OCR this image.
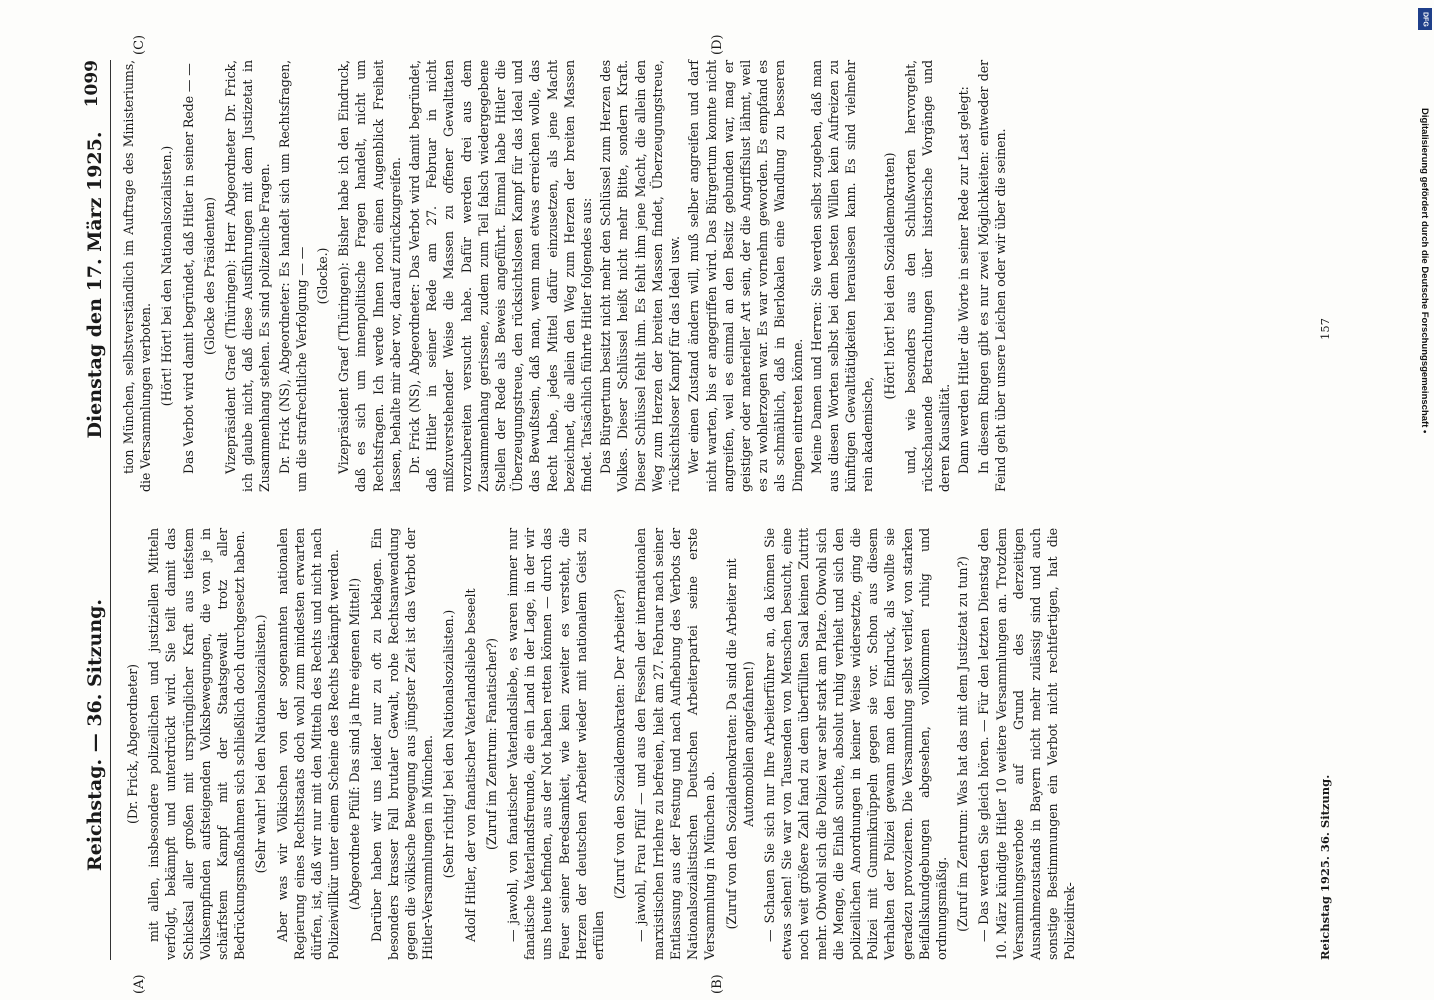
Reichstag. — 36. Sitzung.
Dienstag den 17. März 1925.
1099

(Dr. Frick, Abgeordneter) mit allen, insbesondere polizeilichen und justiziellen Mitteln verfolgt, bekämpft und unterdrückt wird. Sie teilt damit das Schicksal aller großen mit ursprünglicher Kraft aus tiefstem Volksempfinden aufsteigenden Volksbewegungen, die von je in schärfstem Kampf mit der Staatsgewalt trotz aller Bedrückungsmaßnahmen sich schließlich doch durchgesetzt haben. (Sehr wahr! bei den Nationalsozialisten.) Aber was wir Völkischen von der sogenannten nationalen Regierung eines Rechtsstaats doch wohl zum mindesten erwarten dürfen, ist, daß wir nur mit den Mitteln des Rechts und nicht nach Polizeiwillkür unter einem Scheine des Rechts bekämpft werden. (Abgeordnete Pfülf: Das sind ja Ihre eigenen Mittel!) Darüber haben wir uns leider nur zu oft zu beklagen. Ein besonders krasser Fall brutaler Gewalt, rohe Rechtsanwendung gegen die völkische Bewegung aus jüngster Zeit ist das Verbot der Hitler-Versammlungen in München. (Sehr richtig! bei den Nationalsozialisten.) Adolf Hitler, der von fanatischer Vaterlandsliebe beseelt (Zuruf im Zentrum: Fanatischer?) — jawohl, von fanatischer Vaterlandsliebe, es waren immer nur fanatische Vaterlandsfreunde, die ein Land in der Lage, in der wir uns heute befinden, aus der Not haben retten können — durch das Feuer seiner Beredsamkeit, wie kein zweiter es versteht, die Herzen der deutschen Arbeiter wieder mit nationalem Geist zu erfüllen

(Zuruf von den Sozialdemokraten: Der Arbeiter?) — jawohl, Frau Pfülf — und aus den Fesseln der internationalen marxistischen Irrlehre zu befreien, hielt am 27. Februar nach seiner Entlassung aus der Festung und nach Aufhebung des Verbots der Nationalsozialistischen Deutschen Arbeiterpartei seine erste Versammlung in München ab. (Zuruf von den Sozialdemokraten: Da sind die Arbeiter mit Automobilen angefahren!) — Schauen Sie sich nur Ihre Arbeiterführer an, da können Sie etwas sehen! Sie war von Tausenden von Menschen besucht, eine noch weit größere Zahl fand zu dem überfüllten Saal keinen Zutritt mehr. Obwohl sich die Polizei war sehr stark am Platze. Obwohl sich die Menge, die Einlaß suchte, absolut ruhig verhielt und sich den polizeilichen Anordnungen in keiner Weise widersetzte, ging die Polizei mit Gummiknüppeln gegen sie vor. Schon aus diesem Verhalten der Polizei gewann man den Eindruck, als wollte sie geradezu provozieren. Die Versammlung selbst verlief, von starken Beifallskundgebungen abgesehen, vollkommen ruhig und ordnungsmäßig. (Zuruf im Zentrum: Was hat das mit dem Justizetat zu tun?) — Das werden Sie gleich hören. — Für den letzten Dienstag den 10. März kündigte Hitler 10 weitere Versammlungen an. Trotzdem Versammlungsverbote auf Grund des derzeitigen Ausnahmezustands in Bayern nicht mehr zulässig sind und auch sonstige Bestimmungen ein Verbot nicht rechtfertigen, hat die Polizeidirek-

tion München, selbstverständlich im Auftrage des Ministeriums, die Versammlungen verboten. (Hört! Hört! bei den Nationalsozialisten.) Das Verbot wird damit begründet, daß Hitler in seiner Rede — — (Glocke des Präsidenten) Vizepräsident Graef (Thüringen): Herr Abgeordneter Dr. Frick, ich glaube nicht, daß diese Ausführungen mit dem Justizetat in Zusammenhang stehen. Es sind polizeiliche Fragen. Dr. Frick (NS), Abgeordneter: Es handelt sich um Rechtsfragen, um die strafrechtliche Verfolgung — — (Glocke.) Vizepräsident Graef (Thüringen): Bisher habe ich den Eindruck, daß es sich um innenpolitische Fragen handelt, nicht um Rechtsfragen. Ich werde Ihnen noch einen Augenblick Freiheit lassen, behalte mir aber vor, darauf zurückzugreifen. Dr. Frick (NS), Abgeordneter: Das Verbot wird damit begründet, daß Hitler in seiner Rede am 27. Februar in nicht mißzuverstehender Weise die Massen zu offener Gewalttaten vorzubereiten versucht habe. Dafür werden drei aus dem Zusammenhang gerissene, zudem zum Teil falsch wiedergegebene Stellen der Rede als Beweis angeführt. Einmal habe Hitler die Überzeugungstreue, den rücksichtslosen Kampf für das Ideal und das Bewußtsein, daß man, wenn man etwas erreichen wolle, das Recht habe, jedes Mittel dafür einzusetzen, als jene Macht bezeichnet, die allein den Weg zum Herzen der breiten Massen findet. Tatsächlich führte Hitler folgendes aus: Das Bürgertum besitzt nicht mehr den Schlüssel zum Herzen des Volkes. Dieser Schlüssel heißt nicht mehr Bitte, sondern Kraft. Dieser Schlüssel fehlt ihm. Es fehlt ihm jene Macht, die allein den Weg zum Herzen der breiten Massen findet, Überzeugungstreue, rücksichtsloser Kampf für das Ideal usw. Wer einen Zustand ändern will, muß selber angreifen und darf nicht warten, bis er angegriffen wird. Das Bürgertum konnte nicht angreifen, weil es einmal an den Besitz gebunden war, mag er geistiger oder materieller Art sein, der die Angriffslust lähmt, weil es zu wohlerzogen war. Es war vornehm geworden. Es empfand es als schmählich, daß in Bierlokalen eine Wandlung zu besseren Dingen eintreten könne. Meine Damen und Herren: Sie werden selbst zugeben, daß man aus diesen Worten selbst bei dem besten Willen kein Aufreizen zu künftigen Gewalttätigkeiten herauslesen kann. Es sind vielmehr rein akademische,

(Hört! hört! bei den Sozialdemokraten) und, wie besonders aus den Schlußworten hervorgeht, rückschauende Betrachtungen über historische Vorgänge und deren Kausalität. Dann werden Hitler die Worte in seiner Rede zur Last gelegt: In diesem Ringen gibt es nur zwei Möglichkeiten: entweder der Feind geht über unsere Leichen oder wir über die seinen.

(A)	(B)
(C)	(D)
Reichstag 1925. 36. Sitzung.
157
DFG
Digitalisierung gefördert durch die Deutsche Forschungsgemeinschaft •
